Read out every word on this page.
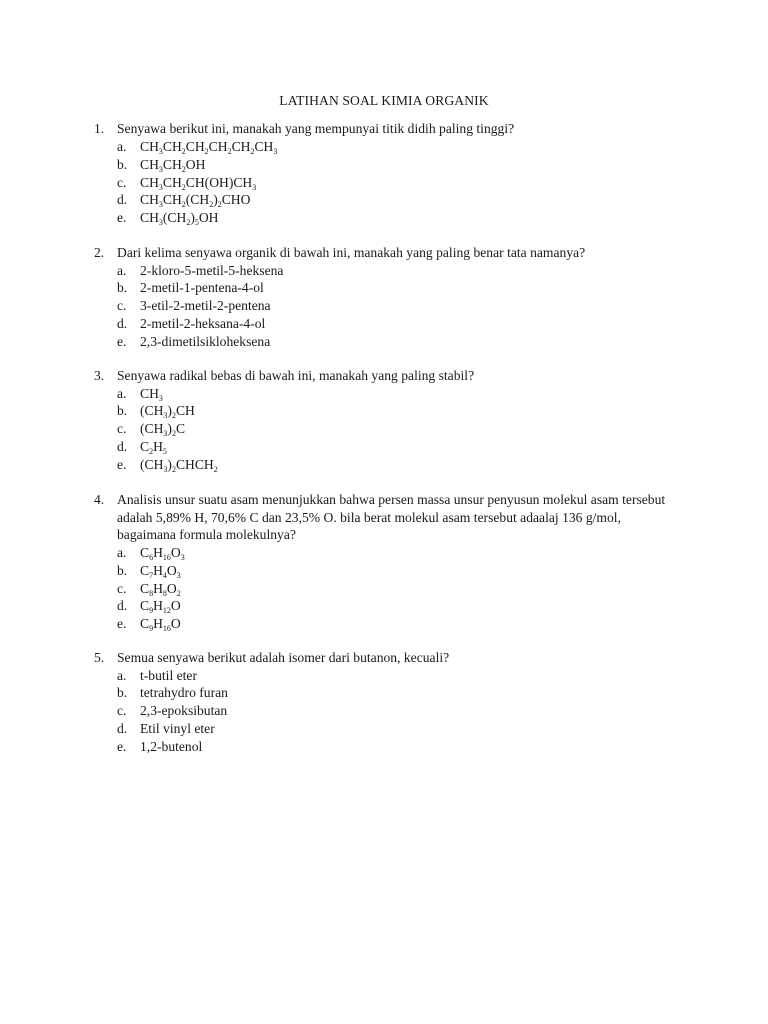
LATIHAN SOAL KIMIA ORGANIK
1. Senyawa berikut ini, manakah yang mempunyai titik didih paling tinggi?
a. $CH_3CH_2CH_2CH_2CH_2CH_3$
b. $CH_3CH_2OH$
c. $CH_3CH_2CH(OH)CH_3$
d. $CH_3CH_2(CH_2)_2CHO$
e. $CH_3(CH_2)_5OH$
2. Dari kelima senyawa organik di bawah ini, manakah yang paling benar tata namanya?
a. 2-kloro-5-metil-5-heksena
b. 2-metil-1-pentena-4-ol
c. 3-etil-2-metil-2-pentena
d. 2-metil-2-heksana-4-ol
e. 2,3-dimetilsikloheksena
3. Senyawa radikal bebas di bawah ini, manakah yang paling stabil?
a. $CH_3$
b. $(CH_3)_2CH$
c. $(CH_3)_2C$
d. $C_2H_5$
e. $(CH_3)_2CHCH_2$
4. Analisis unsur suatu asam menunjukkan bahwa persen massa unsur penyusun molekul asam tersebut adalah 5,89% H, 70,6% C dan 23,5% O. bila berat molekul asam tersebut adaalaj 136 g/mol, bagaimana formula molekulnya?
a. $C_6H_{16}O_3$
b. $C_7H_4O_3$
c. $C_8H_8O_2$
d. $C_9H_{12}O$
e. $C_9H_{16}O$
5. Semua senyawa berikut adalah isomer dari butanon, kecuali?
a. t-butil eter
b. tetrahydro furan
c. 2,3-epoksibutan
d. Etil vinyl eter
e. 1,2-butenol
